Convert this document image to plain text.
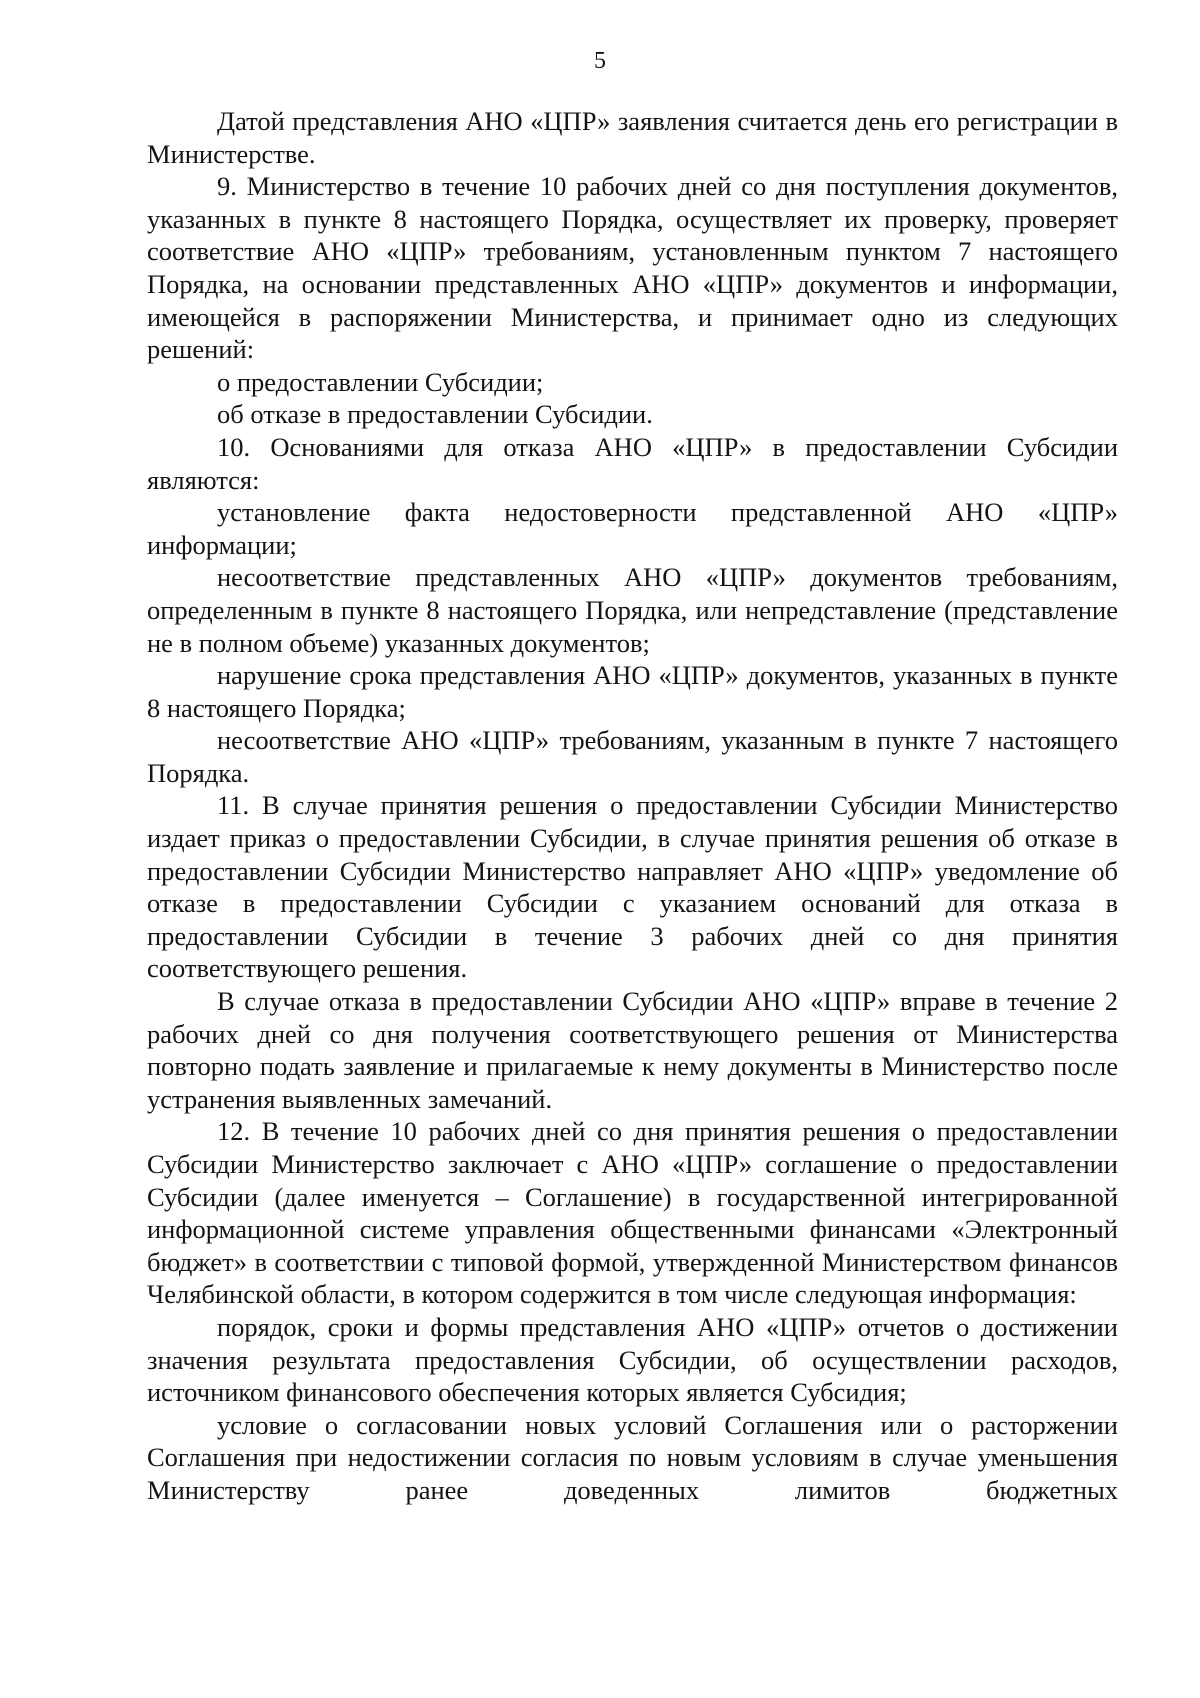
5

Датой представления АНО «ЦПР» заявления считается день его регистрации в Министерстве.

9. Министерство в течение 10 рабочих дней со дня поступления документов, указанных в пункте 8 настоящего Порядка, осуществляет их проверку, проверяет соответствие АНО «ЦПР» требованиям, установленным пунктом 7 настоящего Порядка, на основании представленных АНО «ЦПР» документов и информации, имеющейся в распоряжении Министерства, и принимает одно из следующих решений:

о предоставлении Субсидии;

об отказе в предоставлении Субсидии.

10. Основаниями для отказа АНО «ЦПР» в предоставлении Субсидии являются:

установление факта недостоверности представленной АНО «ЦПР» информации;

несоответствие представленных АНО «ЦПР» документов требованиям, определенным в пункте 8 настоящего Порядка, или непредставление (представление не в полном объеме) указанных документов;

нарушение срока представления АНО «ЦПР» документов, указанных в пункте 8 настоящего Порядка;

несоответствие АНО «ЦПР» требованиям, указанным в пункте 7 настоящего Порядка.

11. В случае принятия решения о предоставлении Субсидии Министерство издает приказ о предоставлении Субсидии, в случае принятия решения об отказе в предоставлении Субсидии Министерство направляет АНО «ЦПР» уведомление об отказе в предоставлении Субсидии с указанием оснований для отказа в предоставлении Субсидии в течение 3 рабочих дней со дня принятия соответствующего решения.

В случае отказа в предоставлении Субсидии АНО «ЦПР» вправе в течение 2 рабочих дней со дня получения соответствующего решения от Министерства повторно подать заявление и прилагаемые к нему документы в Министерство после устранения выявленных замечаний.

12. В течение 10 рабочих дней со дня принятия решения о предоставлении Субсидии Министерство заключает с АНО «ЦПР» соглашение о предоставлении Субсидии (далее именуется – Соглашение) в государственной интегрированной информационной системе управления общественными финансами «Электронный бюджет» в соответствии с типовой формой, утвержденной Министерством финансов Челябинской области, в котором содержится в том числе следующая информация:

порядок, сроки и формы представления АНО «ЦПР» отчетов о достижении значения результата предоставления Субсидии, об осуществлении расходов, источником финансового обеспечения которых является Субсидия;

условие о согласовании новых условий Соглашения или о расторжении Соглашения при недостижении согласия по новым условиям в случае уменьшения Министерству ранее доведенных лимитов бюджетных
